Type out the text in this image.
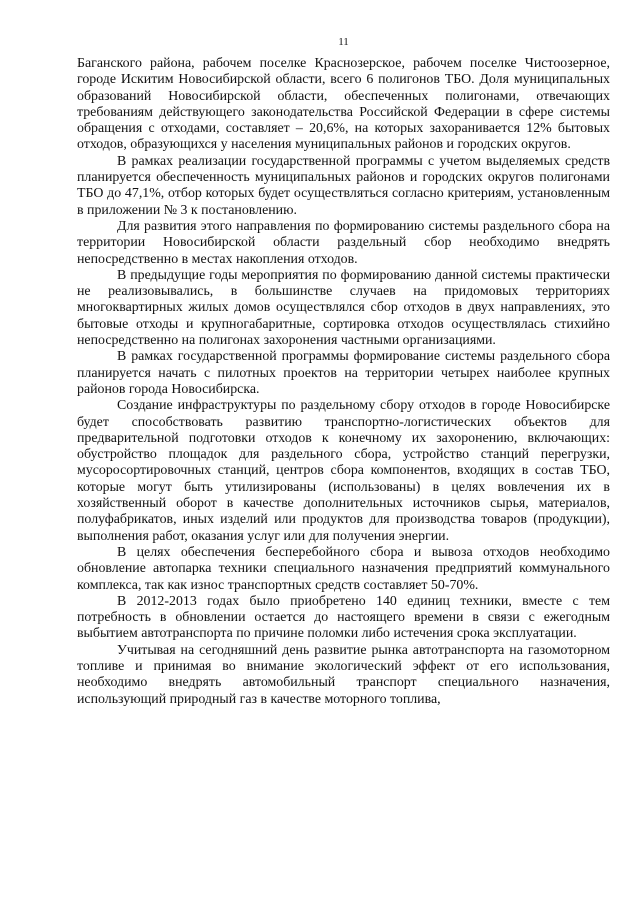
11

Баганского района, рабочем поселке Краснозерское, рабочем поселке Чистоозерное, городе Искитим Новосибирской области, всего 6 полигонов ТБО. Доля муниципальных образований Новосибирской области, обеспеченных полигонами, отвечающих требованиям действующего законодательства Российской Федерации в сфере системы обращения с отходами, составляет – 20,6%, на которых захоранивается 12% бытовых отходов, образующихся у населения муниципальных районов и городских округов.

В рамках реализации государственной программы с учетом выделяемых средств планируется обеспеченность муниципальных районов и городских округов полигонами ТБО до 47,1%, отбор которых будет осуществляться согласно критериям, установленным в приложении № 3 к постановлению.

Для развития этого направления по формированию системы раздельного сбора на территории Новосибирской области раздельный сбор необходимо внедрять непосредственно в местах накопления отходов.

В предыдущие годы мероприятия по формированию данной системы практически не реализовывались, в большинстве случаев на придомовых территориях многоквартирных жилых домов осуществлялся сбор отходов в двух направлениях, это бытовые отходы и крупногабаритные, сортировка отходов осуществлялась стихийно непосредственно на полигонах захоронения частными организациями.

В рамках государственной программы формирование системы раздельного сбора планируется начать с пилотных проектов на территории четырех наиболее крупных районов города Новосибирска.

Создание инфраструктуры по раздельному сбору отходов в городе Новосибирске будет способствовать развитию транспортно-логистических объектов для предварительной подготовки отходов к конечному их захоронению, включающих: обустройство площадок для раздельного сбора, устройство станций перегрузки, мусоросортировочных станций, центров сбора компонентов, входящих в состав ТБО, которые могут быть утилизированы (использованы) в целях вовлечения их в хозяйственный оборот в качестве дополнительных источников сырья, материалов, полуфабрикатов, иных изделий или продуктов для производства товаров (продукции), выполнения работ, оказания услуг или для получения энергии.

В целях обеспечения бесперебойного сбора и вывоза отходов необходимо обновление автопарка техники специального назначения предприятий коммунального комплекса, так как износ транспортных средств составляет 50-70%.

В 2012-2013 годах было приобретено 140 единиц техники, вместе с тем потребность в обновлении остается до настоящего времени в связи с ежегодным выбытием автотранспорта по причине поломки либо истечения срока эксплуатации.

Учитывая на сегодняшний день развитие рынка автотранспорта на газомоторном топливе и принимая во внимание экологический эффект от его использования, необходимо внедрять автомобильный транспорт специального назначения, использующий природный газ в качестве моторного топлива,
